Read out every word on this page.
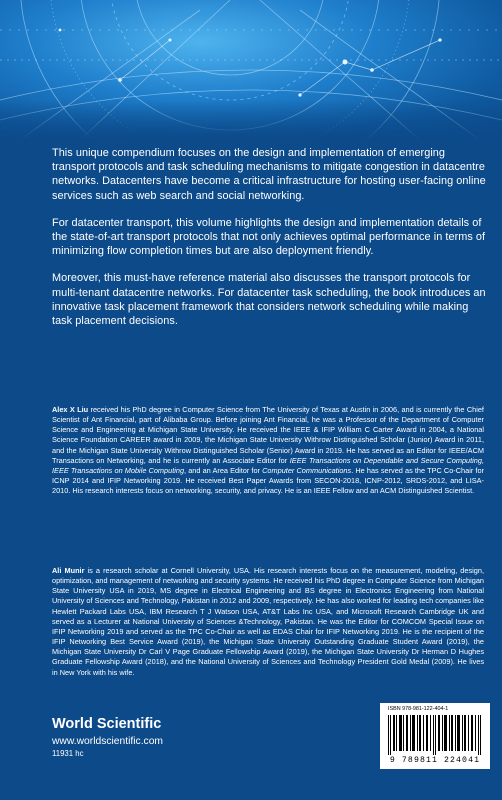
This unique compendium focuses on the design and implementation of emerging transport protocols and task scheduling mechanisms to mitigate congestion in datacentre networks. Datacenters have become a critical infrastructure for hosting user-facing online services such as web search and social networking.

For datacenter transport, this volume highlights the design and implementation details of the state-of-art transport protocols that not only achieves optimal performance in terms of minimizing flow completion times but are also deployment friendly.

Moreover, this must-have reference material also discusses the transport protocols for multi-tenant datacentre networks. For datacenter task scheduling, the book introduces an innovative task placement framework that considers network scheduling while making task placement decisions.

Alex X Liu received his PhD degree in Computer Science from The University of Texas at Austin in 2006, and is currently the Chief Scientist of Ant Financial, part of Alibaba Group. Before joining Ant Financial, he was a Professor of the Department of Computer Science and Engineering at Michigan State University. He received the IEEE & IFIP William C Carter Award in 2004, a National Science Foundation CAREER award in 2009, the Michigan State University Withrow Distinguished Scholar (Junior) Award in 2011, and the Michigan State University Withrow Distinguished Scholar (Senior) Award in 2019. He has served as an Editor for IEEE/ACM Transactions on Networking, and he is currently an Associate Editor for IEEE Transactions on Dependable and Secure Computing, IEEE Transactions on Mobile Computing, and an Area Editor for Computer Communications. He has served as the TPC Co-Chair for ICNP 2014 and IFIP Networking 2019. He received Best Paper Awards from SECON-2018, ICNP-2012, SRDS-2012, and LISA-2010. His research interests focus on networking, security, and privacy. He is an IEEE Fellow and an ACM Distinguished Scientist.
Ali Munir is a research scholar at Cornell University, USA. His research interests focus on the measurement, modeling, design, optimization, and management of networking and security systems. He received his PhD degree in Computer Science from Michigan State University USA in 2019, MS degree in Electrical Engineering and BS degree in Electronics Engineering from National University of Sciences and Technology, Pakistan in 2012 and 2009, respectively. He has also worked for leading tech companies like Hewlett Packard Labs USA, IBM Research T J Watson USA, AT&T Labs Inc USA, and Microsoft Research Cambridge UK and served as a Lecturer at National University of Sciences &Technology, Pakistan. He was the Editor for COMCOM Special Issue on IFIP Networking 2019 and served as the TPC Co-Chair as well as EDAS Chair for IFIP Networking 2019. He is the recipient of the IFIP Networking Best Service Award (2019), the Michigan State University Outstanding Graduate Student Award (2019), the Michigan State University Dr Carl V Page Graduate Fellowship Award (2019), the Michigan State University Dr Herman D Hughes Graduate Fellowship Award (2018), and the National University of Sciences and Technology President Gold Medal (2009). He lives in New York with his wife.
World Scientific
www.worldscientific.com
11931 hc
ISBN 978-981-122-404-1
9 789811 224041
